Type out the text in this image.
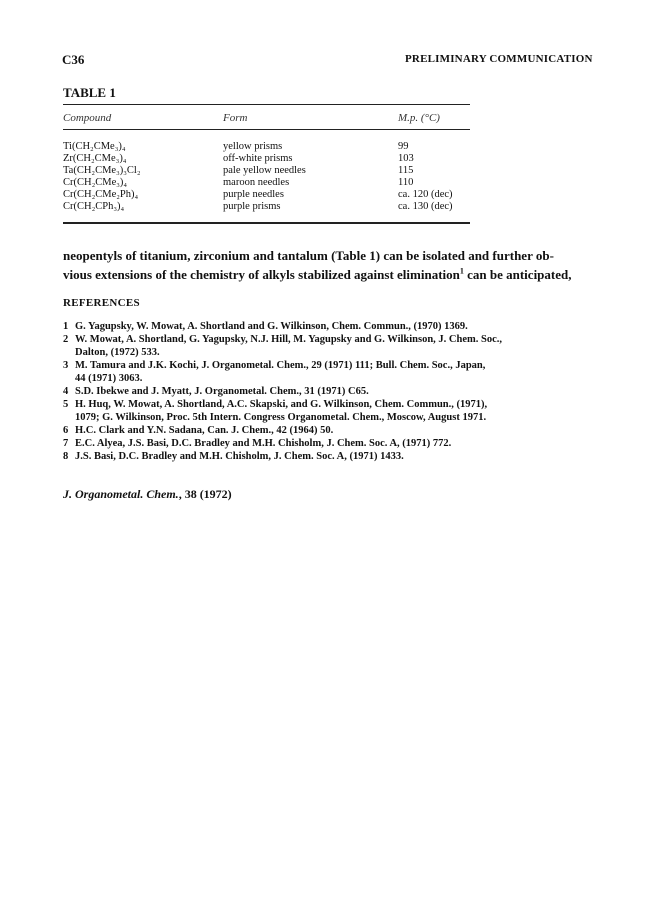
C36	PRELIMINARY COMMUNICATION
TABLE 1
Compound	Form	M.p. (°C)
Ti(CH₂CMe₃)₄	yellow prisms	99
Zr(CH₂CMe₃)₄	off-white prisms	103
Ta(CH₂CMe₃)₃Cl₂	pale yellow needles	115
Cr(CH₂CMe₃)₄	maroon needles	110
Cr(CH₂CMe₂Ph)₄	purple needles	ca. 120 (dec)
Cr(CH₂CPh₃)₄	purple prisms	ca. 130 (dec)
neopentyls of titanium, zirconium and tantalum (Table 1) can be isolated and further ob-
vious extensions of the chemistry of alkyls stabilized against elimination$^1$ can be anticipated,
REFERENCES
1 G. Yagupsky, W. Mowat, A. Shortland and G. Wilkinson, Chem. Commun., (1970) 1369.
2 W. Mowat, A. Shortland, G. Yagupsky, N.J. Hill, M. Yagupsky and G. Wilkinson, J. Chem. Soc.,
Dalton, (1972) 533.
3 M. Tamura and J.K. Kochi, J. Organometal. Chem., 29 (1971) 111; Bull. Chem. Soc., Japan,
44 (1971) 3063.
4 S.D. Ibekwe and J. Myatt, J. Organometal. Chem., 31 (1971) C65.
5 H. Huq, W. Mowat, A. Shortland, A.C. Skapski, and G. Wilkinson, Chem. Commun., (1971),
1079; G. Wilkinson, Proc. 5th Intern. Congress Organometal. Chem., Moscow, August 1971.
6 H.C. Clark and Y.N. Sadana, Can. J. Chem., 42 (1964) 50.
7 E.C. Alyea, J.S. Basi, D.C. Bradley and M.H. Chisholm, J. Chem. Soc. A, (1971) 772.
8 J.S. Basi, D.C. Bradley and M.H. Chisholm, J. Chem. Soc. A, (1971) 1433.
J. Organometal. Chem., 38 (1972)
